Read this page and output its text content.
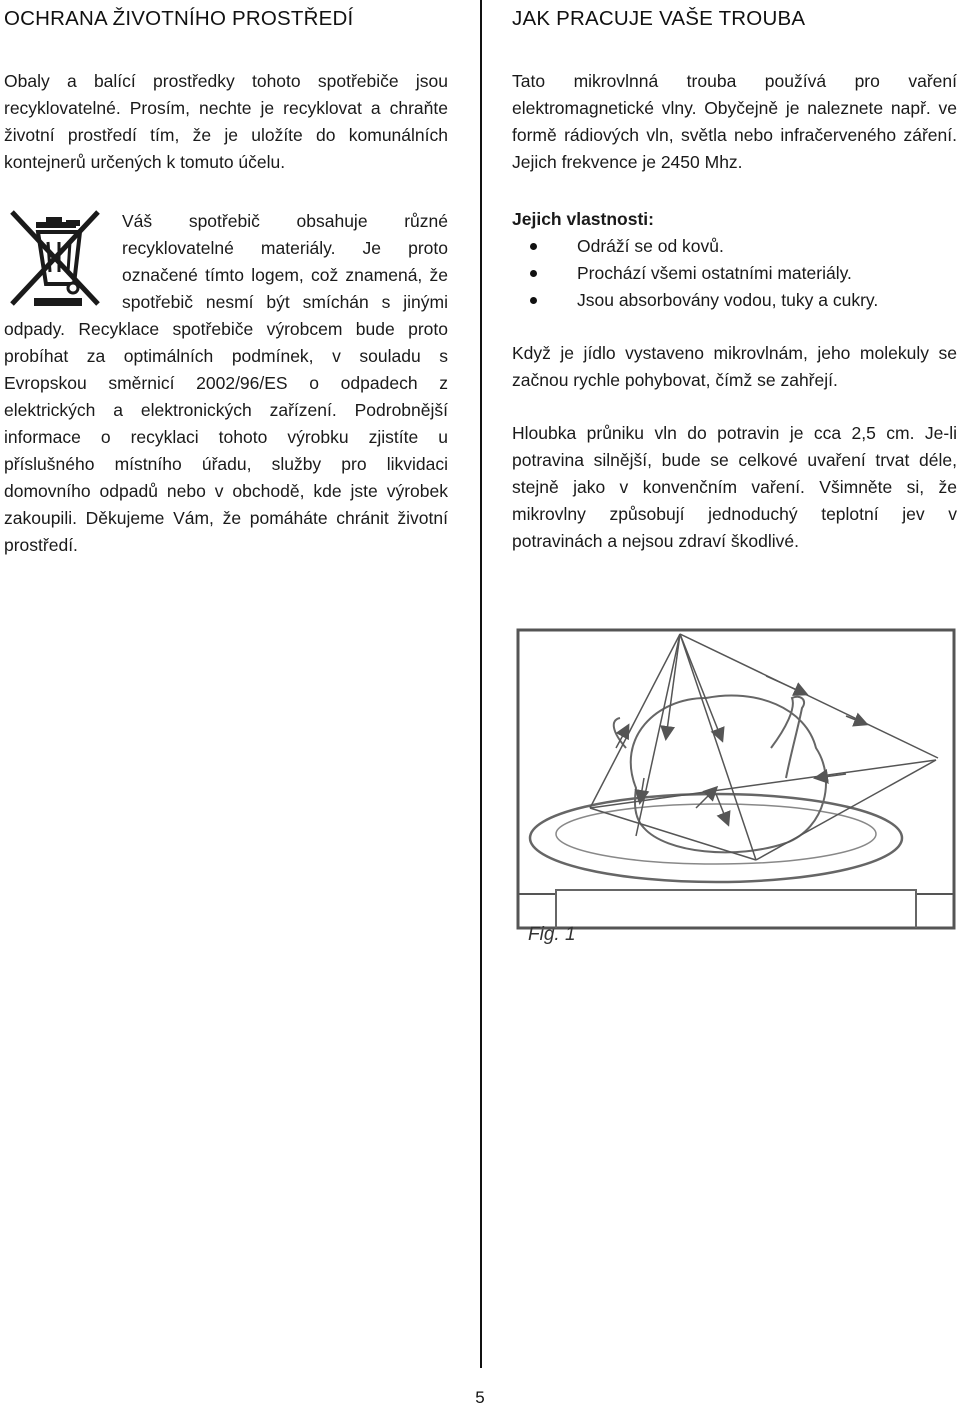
OCHRANA ŽIVOTNÍHO PROSTŘEDÍ

Obaly a balící prostředky tohoto spotřebiče jsou recyklovatelné. Prosím, nechte je recyklovat a chraňte životní prostředí tím, že je uložíte do komunálních kontejnerů určených k tomuto účelu.

Váš spotřebič obsahuje různé recyklovatelné materiály. Je proto označené tímto logem, což znamená, že spotřebič nesmí být smíchán s jinými odpady. Recyklace spotřebiče výrobcem bude proto probíhat za optimálních podmínek, v souladu s Evropskou směrnicí 2002/96/ES o odpadech z elektrických a elektronických zařízení. Podrobnější informace o recyklaci tohoto výrobku zjistíte u příslušného místního úřadu, služby pro likvidaci domovního odpadů nebo v obchodě, kde jste výrobek zakoupili. Děkujeme Vám, že pomáháte chránit životní prostředí.

JAK PRACUJE VAŠE TROUBA

Tato mikrovlnná trouba používá pro vaření elektromagnetické vlny. Obyčejně je naleznete např. ve formě rádiových vln, světla nebo infračerveného záření. Jejich frekvence je 2450 Mhz.

Jejich vlastnosti:

Odráží se od kovů.
Prochází všemi ostatními materiály.
Jsou absorbovány vodou, tuky a cukry.

Když je jídlo vystaveno mikrovlnám, jeho molekuly se začnou rychle pohybovat, čímž se zahřejí.

Hloubka průniku vln do potravin je cca 2,5 cm. Je-li potravina silnější, bude se celkové uvaření trvat déle, stejně jako v konvenčním vaření. Všimněte si, že mikrovlny způsobují jednoduchý teplotní jev v potravinách a nejsou zdraví škodlivé.

Fig. 1
5
